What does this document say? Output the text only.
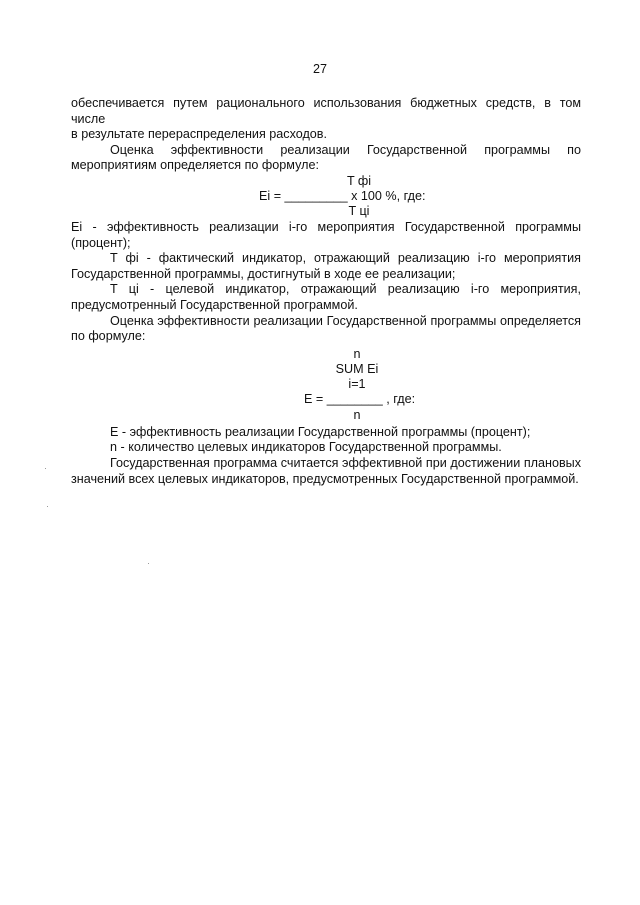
27

обеспечивается путем рационального использования бюджетных средств, в том числе

в результате перераспределения расходов.

Оценка эффективности реализации Государственной программы по

мероприятиям определяется по формуле:

T фi
Ei = _________ x 100 %, где:
T цi

Ei - эффективность реализации i-го мероприятия Государственной программы

(процент);

T фi - фактический индикатор, отражающий реализацию i-го мероприятия

Государственной программы, достигнутый в ходе ее реализации;

T цi - целевой индикатор, отражающий реализацию i-го мероприятия,

предусмотренный Государственной программой.

Оценка эффективности реализации Государственной программы определяется

по формуле:

n
SUM Ei
i=1
E = ________ , где:
n

E - эффективность реализации Государственной программы (процент);

n - количество целевых индикаторов Государственной программы.

Государственная программа считается эффективной при достижении плановых

значений всех целевых индикаторов, предусмотренных Государственной программой.
